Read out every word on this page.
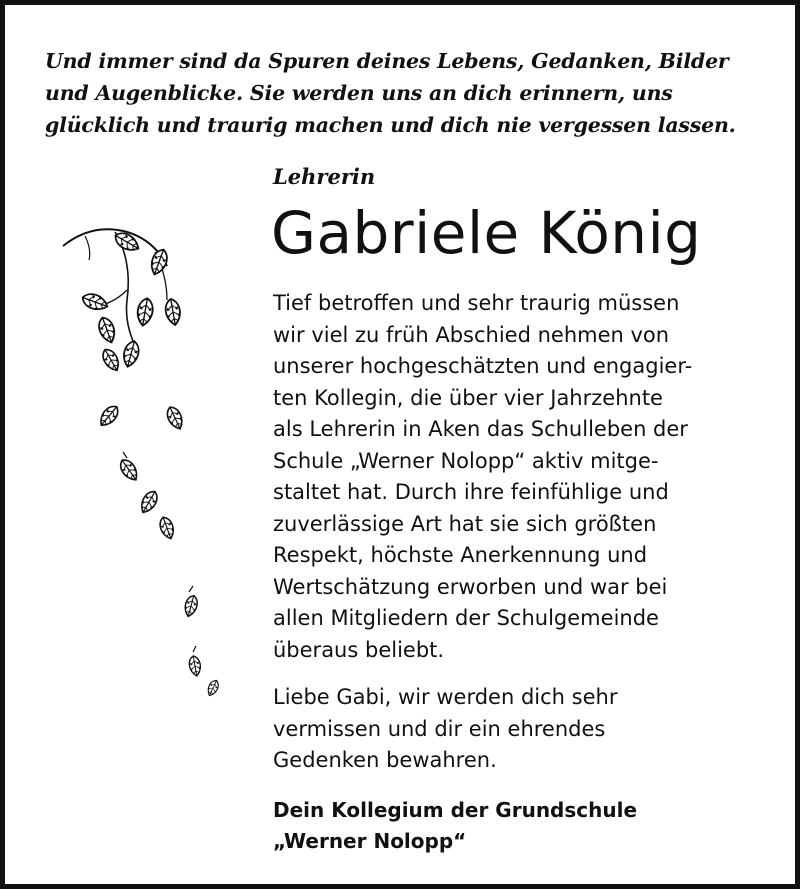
Und immer sind da Spuren deines Lebens, Gedanken, Bilder
und Augenblicke. Sie werden uns an dich erinnern, uns
glücklich und traurig machen und dich nie vergessen lassen.
Lehrerin
Gabriele König
Tief betroffen und sehr traurig müssen
wir viel zu früh Abschied nehmen von
unserer hochgeschätzten und engagier-
ten Kollegin, die über vier Jahrzehnte
als Lehrerin in Aken das Schulleben der
Schule „Werner Nolopp“ aktiv mitge-
staltet hat. Durch ihre feinfühlige und
zuverlässige Art hat sie sich größten
Respekt, höchste Anerkennung und
Wertschätzung erworben und war bei
allen Mitgliedern der Schulgemeinde
überaus beliebt.
Liebe Gabi, wir werden dich sehr
vermissen und dir ein ehrendes
Gedenken bewahren.
Dein Kollegium der Grundschule
„Werner Nolopp“
